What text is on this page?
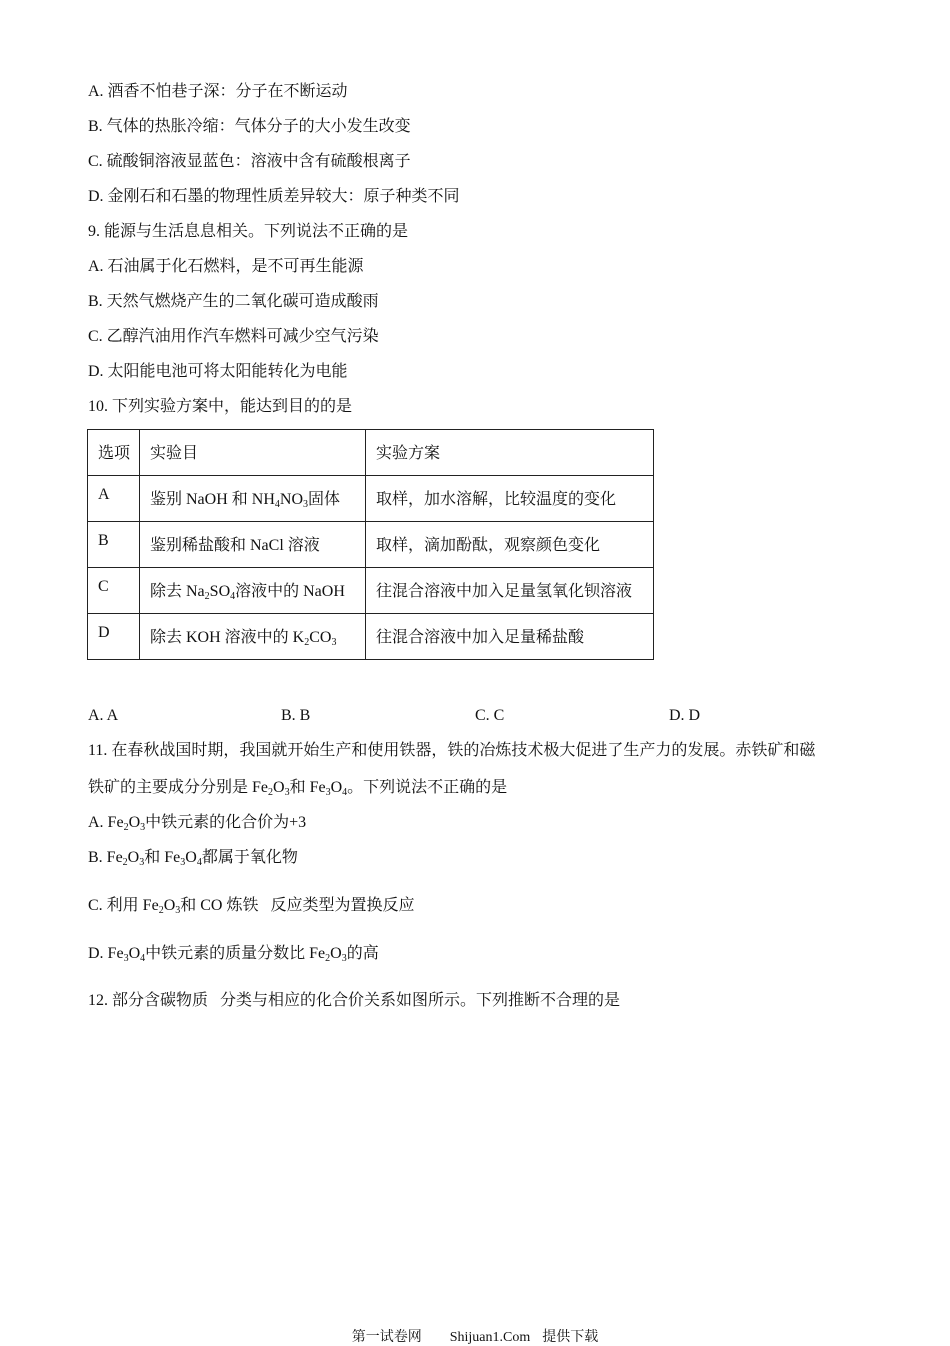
A. 酒香不怕巷子深：分子在不断运动
B. 气体的热胀冷缩：气体分子的大小发生改变
C. 硫酸铜溶液显蓝色：溶液中含有硫酸根离子
D. 金刚石和石墨的物理性质差异较大：原子种类不同
9. 能源与生活息息相关。下列说法不正确的是
A. 石油属于化石燃料，是不可再生能源
B. 天然气燃烧产生的二氧化碳可造成酸雨
C. 乙醇汽油用作汽车燃料可减少空气污染
D. 太阳能电池可将太阳能转化为电能
10. 下列实验方案中，能达到目的的是
选项	实验目	实验方案
A	鉴别 NaOH 和 $NH_4NO_3$固体	取样，加水溶解，比较温度的变化
B	鉴别稀盐酸和 NaCl 溶液	取样，滴加酚酞，观察颜色变化
C	除去 $Na_2SO_4$溶液中的 NaOH	往混合溶液中加入足量氢氧化钡溶液
D	除去 KOH 溶液中的 $K_2CO_3$	往混合溶液中加入足量稀盐酸
A. A	B. B	C. C	D. D
11. 在春秋战国时期，我国就开始生产和使用铁器，铁的冶炼技术极大促进了生产力的发展。赤铁矿和磁
铁矿的主要成分分别是 $Fe_2O_3$和 $Fe_3O_4$。下列说法不正确的是
A. $Fe_2O_3$中铁元素的化合价为+3
B. $Fe_2O_3$和 $Fe_3O_4$都属于氧化物
C. 利用 $Fe_2O_3$和 CO 炼铁 反应类型为置换反应
D. $Fe_3O_4$中铁元素的质量分数比 $Fe_2O_3$的高
12. 部分含碳物质 分类与相应的化合价关系如图所示。下列推断不合理的是
第一试卷网 Shijuan1.Com 提供下载
